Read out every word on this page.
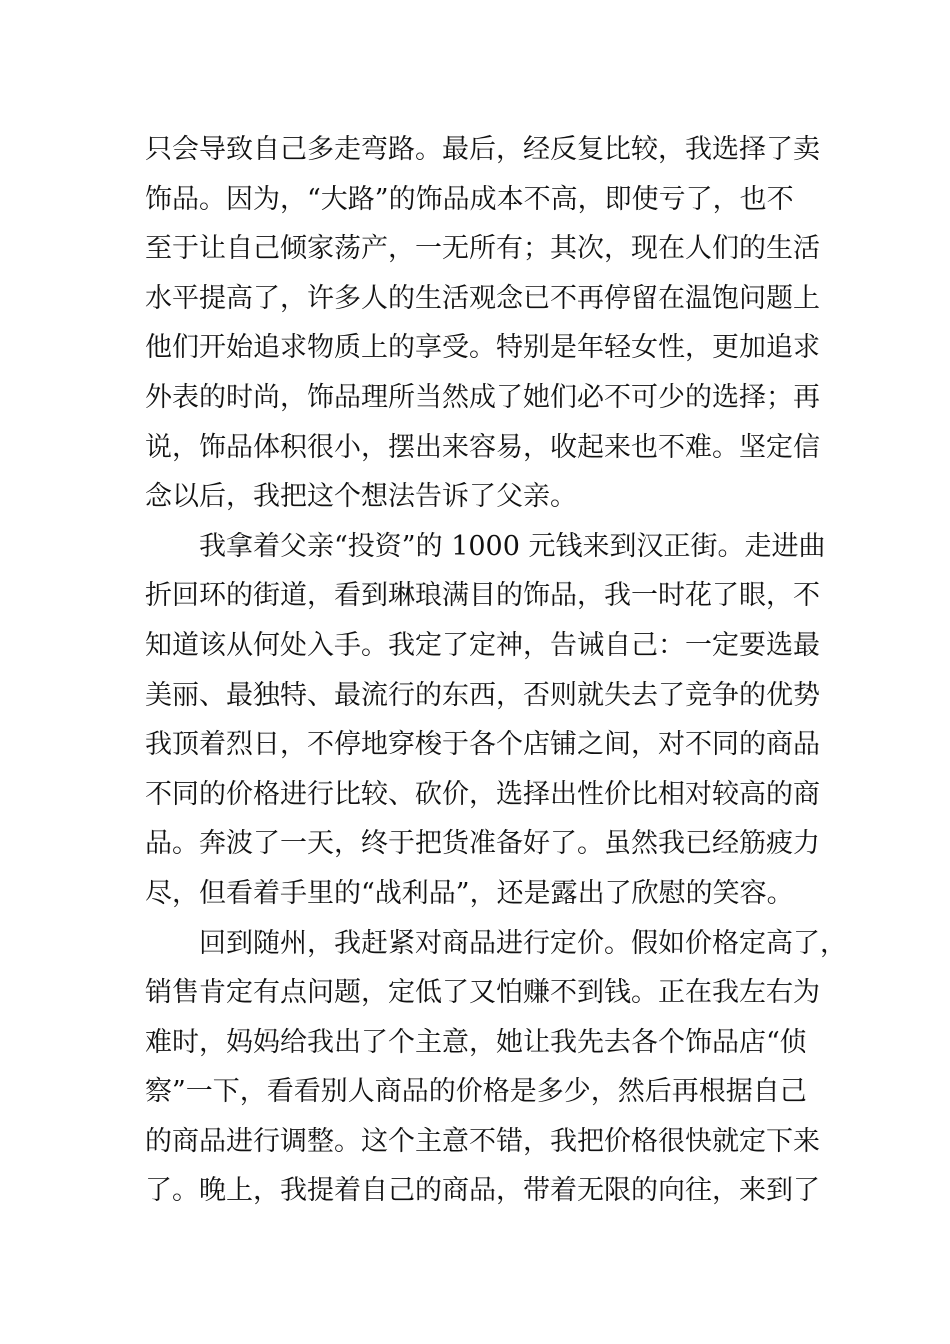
只会导致自己多走弯路。最后，经反复比较，我选择了卖
饰品。因为，“大路”的饰品成本不高，即使亏了，也不
至于让自己倾家荡产，一无所有；其次，现在人们的生活
水平提高了，许多人的生活观念已不再停留在温饱问题上
他们开始追求物质上的享受。特别是年轻女性，更加追求
外表的时尚，饰品理所当然成了她们必不可少的选择；再
说，饰品体积很小，摆出来容易，收起来也不难。坚定信
念以后，我把这个想法告诉了父亲。
我拿着父亲“投资”的 1000 元钱来到汉正街。走进曲
折回环的街道，看到琳琅满目的饰品，我一时花了眼，不
知道该从何处入手。我定了定神，告诫自己：一定要选最
美丽、最独特、最流行的东西，否则就失去了竞争的优势
我顶着烈日，不停地穿梭于各个店铺之间，对不同的商品
不同的价格进行比较、砍价，选择出性价比相对较高的商
品。奔波了一天，终于把货准备好了。虽然我已经筋疲力
尽，但看着手里的“战利品”，还是露出了欣慰的笑容。
回到随州，我赶紧对商品进行定价。假如价格定高了，
销售肯定有点问题，定低了又怕赚不到钱。正在我左右为
难时，妈妈给我出了个主意，她让我先去各个饰品店“侦
察”一下，看看别人商品的价格是多少，然后再根据自己
的商品进行调整。这个主意不错，我把价格很快就定下来
了。晚上，我提着自己的商品，带着无限的向往，来到了
